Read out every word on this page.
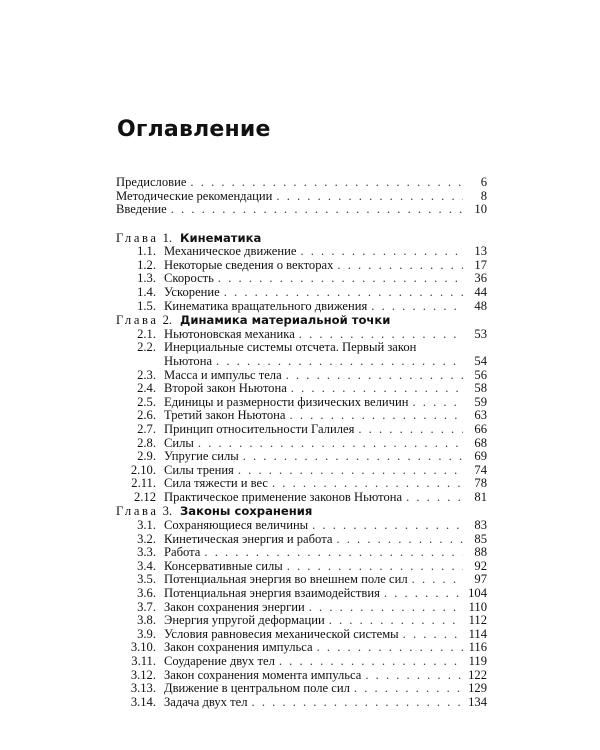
Оглавление
Предисловие . . .	6
Методические рекомендации . . .	8
Введение . . .	10
Глава 1. Кинематика
1.1. Механическое движение . . .	13
1.2. Некоторые сведения о векторах . . .	17
1.3. Скорость . . .	36
1.4. Ускорение . . .	44
1.5. Кинематика вращательного движения . . .	48
Глава 2. Динамика материальной точки
2.1. Ньютоновская механика . . .	53
2.2. Инерциальные системы отсчета. Первый закон
Ньютона . . .	54
2.3. Масса и импульс тела . . .	56
2.4. Второй закон Ньютона . . .	58
2.5. Единицы и размерности физических величин . . .	59
2.6. Третий закон Ньютона . . .	63
2.7. Принцип относительности Галилея . . .	66
2.8. Силы . . .	68
2.9. Упругие силы . . .	69
2.10. Силы трения . . .	74
2.11. Сила тяжести и вес . . .	78
2.12 Практическое применение законов Ньютона . . .	81
Глава 3. Законы сохранения
3.1. Сохраняющиеся величины . . .	83
3.2. Кинетическая энергия и работа . . .	85
3.3. Работа . . .	88
3.4. Консервативные силы . . .	92
3.5. Потенциальная энергия во внешнем поле сил . . .	97
3.6. Потенциальная энергия взаимодействия . . .	104
3.7. Закон сохранения энергии . . .	110
3.8. Энергия упругой деформации . . .	112
3.9. Условия равновесия механической системы . . .	114
3.10. Закон сохранения импульса . . .	116
3.11. Соударение двух тел . . .	119
3.12. Закон сохранения момента импульса . . .	122
3.13. Движение в центральном поле сил . . .	129
3.14. Задача двух тел . . .	134
